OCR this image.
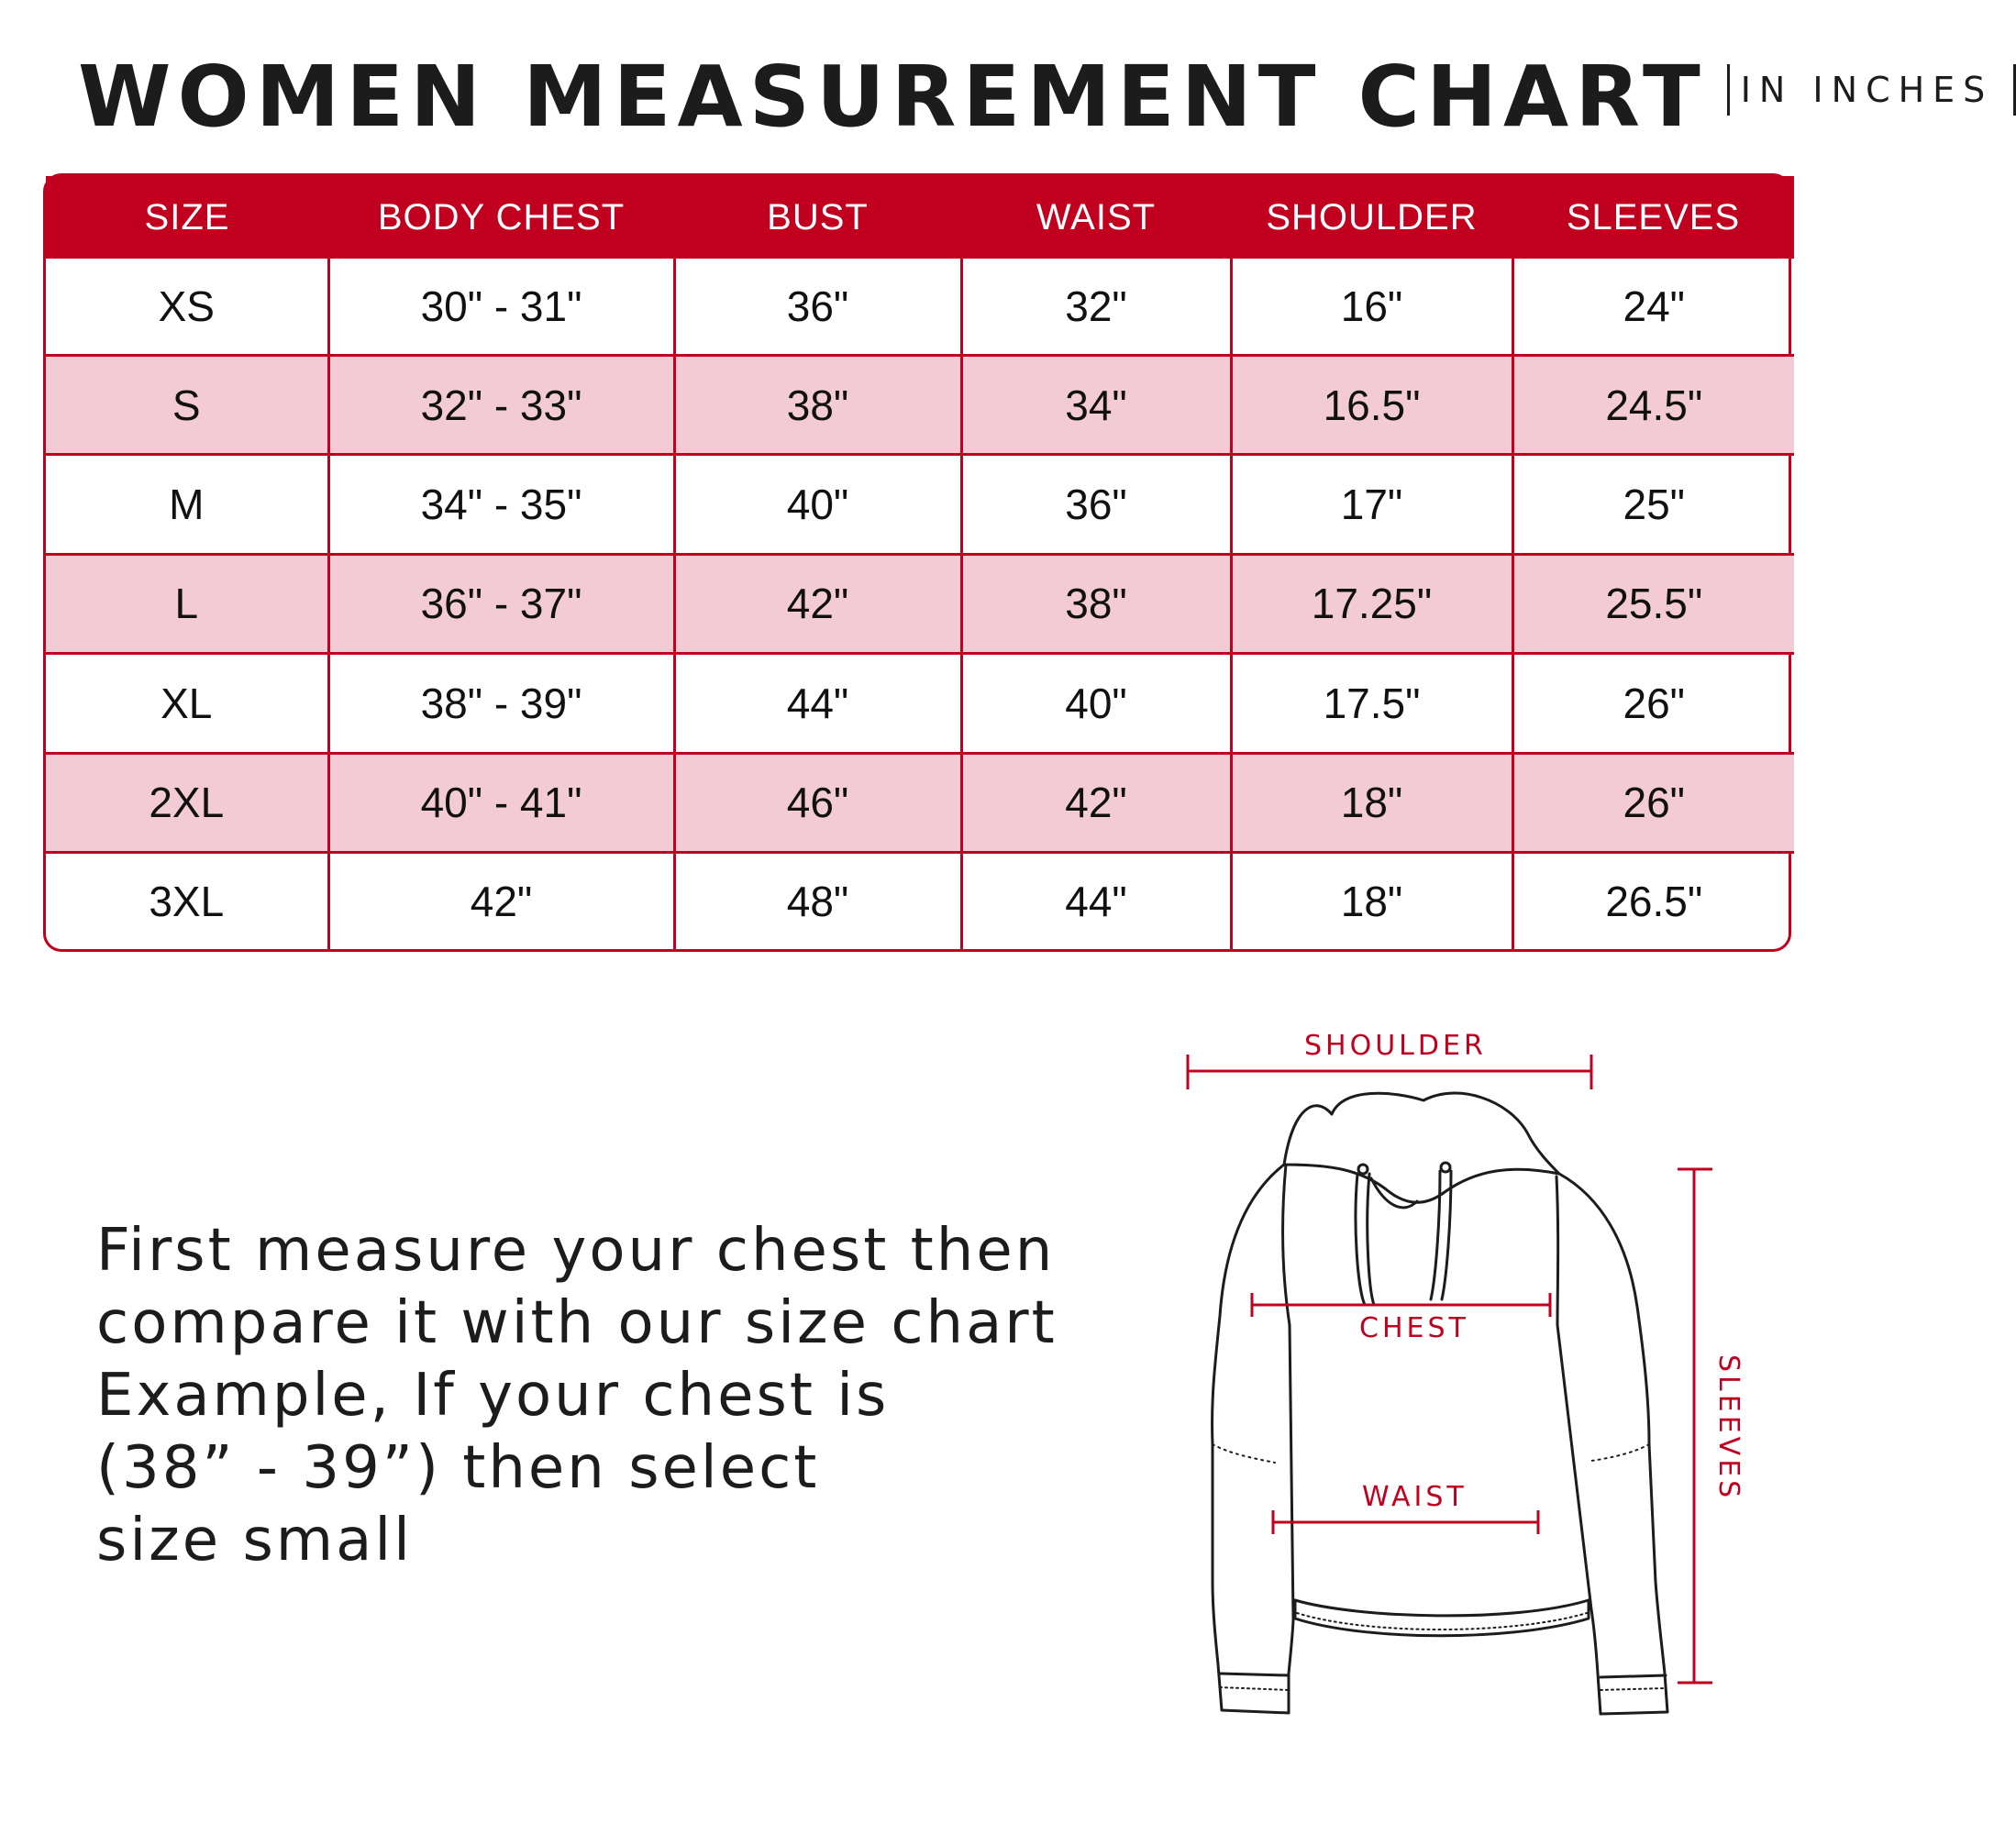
WOMEN MEASUREMENT CHART IN INCHES
SIZE	BODY CHEST	BUST	WAIST	SHOULDER	SLEEVES
XS	30" - 31"	36"	32"	16"	24"
S	32" - 33"	38"	34"	16.5"	24.5"
M	34" - 35"	40"	36"	17"	25"
L	36" - 37"	42"	38"	17.25"	25.5"
XL	38" - 39"	44"	40"	17.5"	26"
2XL	40" - 41"	46"	42"	18"	26"
3XL	42"	48"	44"	18"	26.5"
First measure your chest then
compare it with our size chart
Example, If your chest is
(38” - 39”) then select
size small
SHOULDER
CHEST
WAIST	SLEEVES
